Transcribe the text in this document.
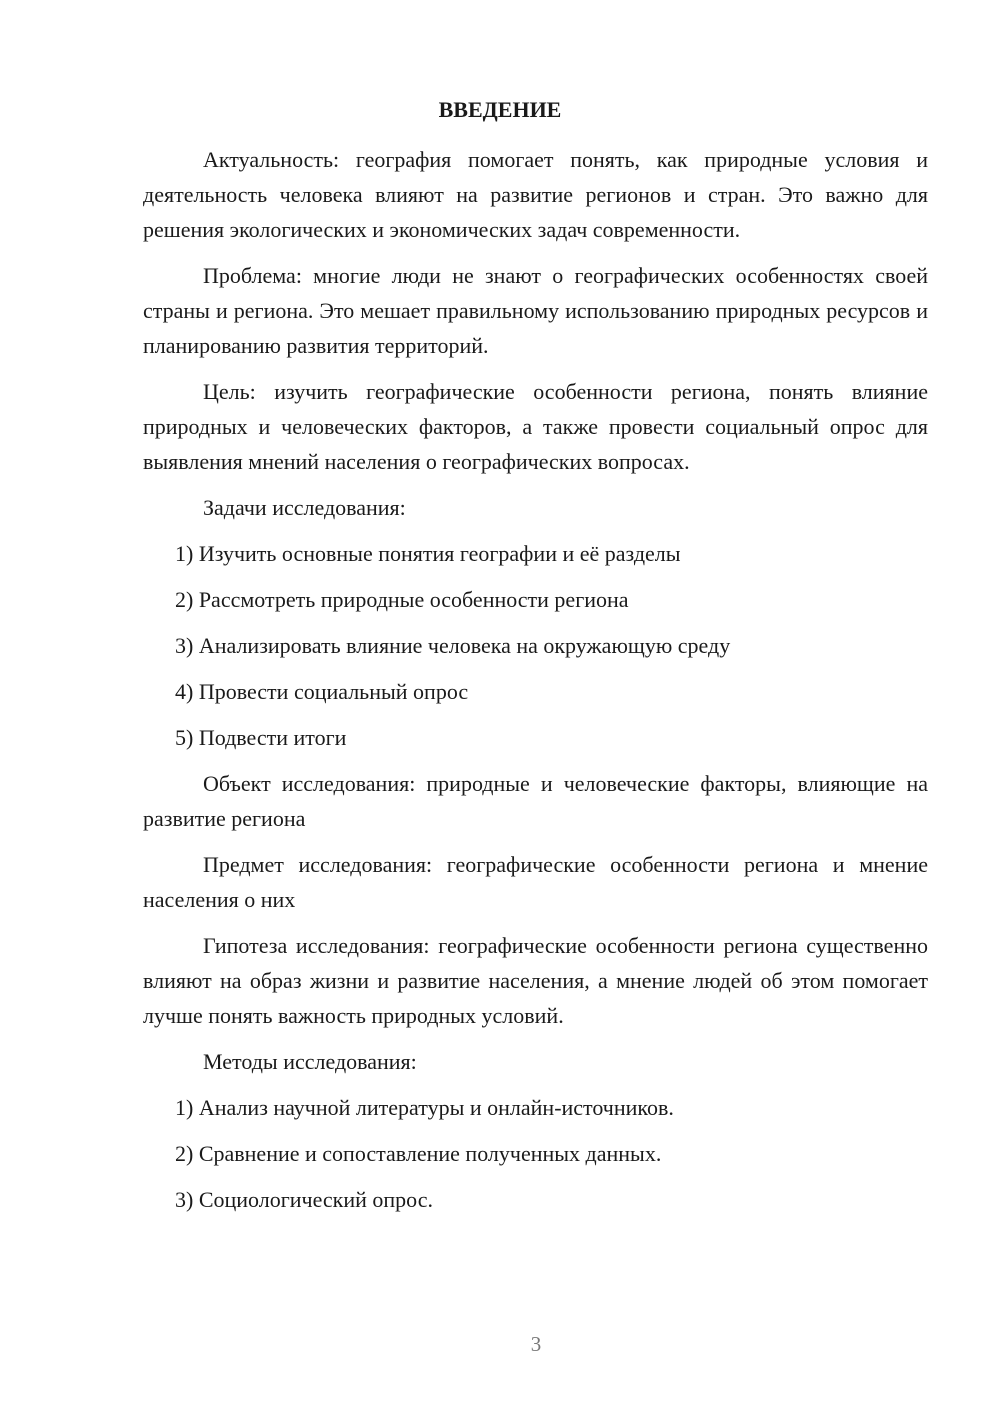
ВВЕДЕНИЕ

Актуальность: география помогает понять, как природные условия и деятельность человека влияют на развитие регионов и стран. Это важно для решения экологических и экономических задач современности.

Проблема: многие люди не знают о географических особенностях своей страны и региона. Это мешает правильному использованию природных ресурсов и планированию развития территорий.

Цель: изучить географические особенности региона, понять влияние природных и человеческих факторов, а также провести социальный опрос для выявления мнений населения о географических вопросах.

Задачи исследования:

1) Изучить основные понятия географии и её разделы

2) Рассмотреть природные особенности региона

3) Анализировать влияние человека на окружающую среду

4) Провести социальный опрос

5) Подвести итоги

Объект исследования: природные и человеческие факторы, влияющие на развитие региона

Предмет исследования: географические особенности региона и мнение населения о них

Гипотеза исследования: географические особенности региона существенно влияют на образ жизни и развитие населения, а мнение людей об этом помогает лучше понять важность природных условий.

Методы исследования:

1) Анализ научной литературы и онлайн-источников.

2) Сравнение и сопоставление полученных данных.

3) Социологический опрос.

3
